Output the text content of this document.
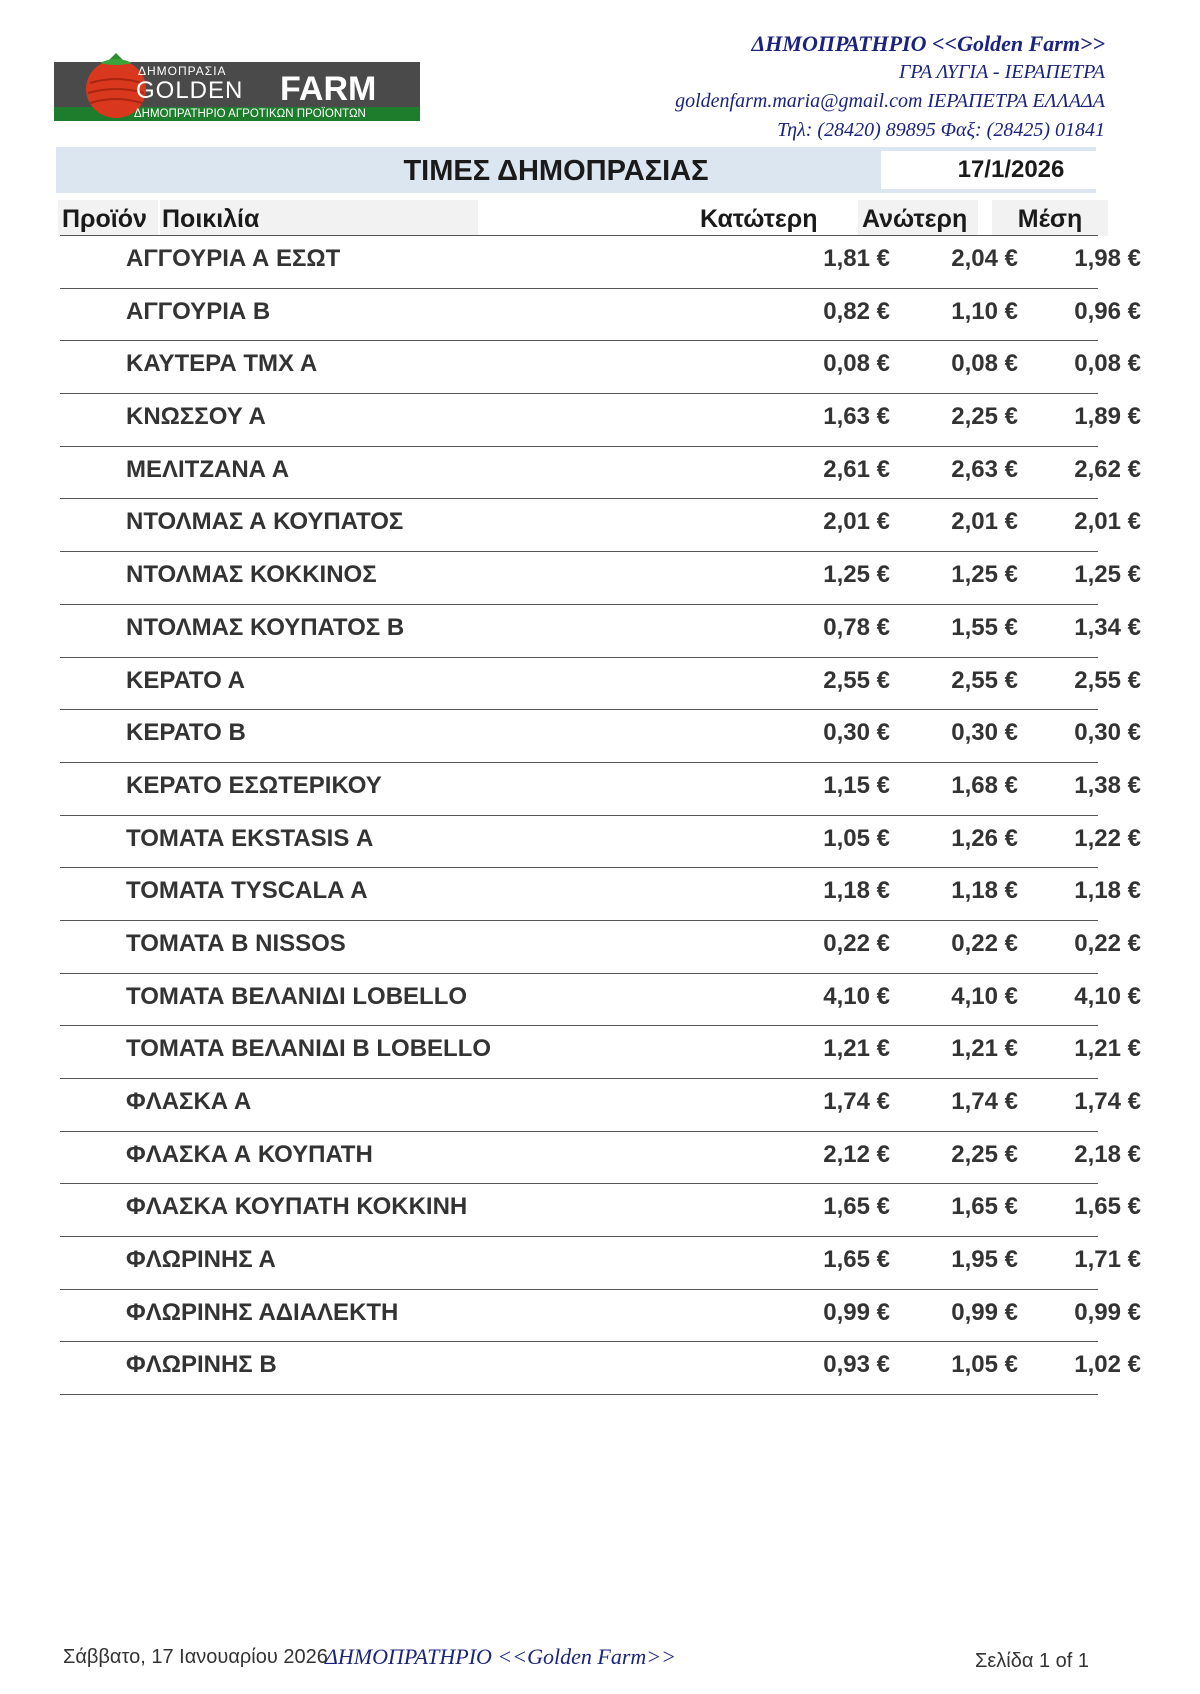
ΔΗΜΟΠΡΑΣΙΑ
GOLDEN FARM
ΔΗΜΟΠΡΑΤΗΡΙΟ ΑΓΡΟΤΙΚΩΝ ΠΡΟΪΟΝΤΩΝ
ΔΗΜΟΠΡΑΤΗΡΙΟ <<Golden Farm>>
ΓΡΑ ΛΥΓΙΑ - ΙΕΡΑΠΕΤΡΑ
goldenfarm.maria@gmail.com ΙΕΡΑΠΕΤΡΑ ΕΛΛΑΔΑ
Τηλ: (28420) 89895 Φαξ: (28425) 01841
ΤΙΜΕΣ ΔΗΜΟΠΡΑΣΙΑΣ	17/1/2026
Προϊόν Ποικιλία	Κατώτερη	Ανώτερη	Μέση
ΑΓΓΟΥΡΙΑ Α ΕΣΩΤ	1,81 €	2,04 €	1,98 €
ΑΓΓΟΥΡΙΑ Β	0,82 €	1,10 €	0,96 €
ΚΑΥΤΕΡΑ ΤΜΧ Α	0,08 €	0,08 €	0,08 €
ΚΝΩΣΣΟΥ Α	1,63 €	2,25 €	1,89 €
ΜΕΛΙΤΖΑΝΑ Α	2,61 €	2,63 €	2,62 €
ΝΤΟΛΜΑΣ Α ΚΟΥΠΑΤΟΣ	2,01 €	2,01 €	2,01 €
ΝΤΟΛΜΑΣ ΚΟΚΚΙΝΟΣ	1,25 €	1,25 €	1,25 €
ΝΤΟΛΜΑΣ ΚΟΥΠΑΤΟΣ Β	0,78 €	1,55 €	1,34 €
ΚΕΡΑΤΟ Α	2,55 €	2,55 €	2,55 €
ΚΕΡΑΤΟ Β	0,30 €	0,30 €	0,30 €
ΚΕΡΑΤΟ ΕΣΩΤΕΡΙΚΟΥ	1,15 €	1,68 €	1,38 €
ΤΟΜΑΤΑ EKSTASIS Α	1,05 €	1,26 €	1,22 €
ΤΟΜΑΤΑ TYSCALA Α	1,18 €	1,18 €	1,18 €
ΤΟΜΑΤΑ Β NISSOS	0,22 €	0,22 €	0,22 €
ΤΟΜΑΤΑ ΒΕΛΑΝΙΔΙ LOBELLO	4,10 €	4,10 €	4,10 €
ΤΟΜΑΤΑ ΒΕΛΑΝΙΔΙ Β LOBELLO	1,21 €	1,21 €	1,21 €
ΦΛΑΣΚΑ Α	1,74 €	1,74 €	1,74 €
ΦΛΑΣΚΑ Α ΚΟΥΠΑΤΗ	2,12 €	2,25 €	2,18 €
ΦΛΑΣΚΑ ΚΟΥΠΑΤΗ ΚΟΚΚΙΝΗ	1,65 €	1,65 €	1,65 €
ΦΛΩΡΙΝΗΣ Α	1,65 €	1,95 €	1,71 €
ΦΛΩΡΙΝΗΣ ΑΔΙΑΛΕΚΤΗ	0,99 €	0,99 €	0,99 €
ΦΛΩΡΙΝΗΣ Β	0,93 €	1,05 €	1,02 €
Σάββατο, 17 Ιανουαρίου 2026
ΔΗΜΟΠΡΑΤΗΡΙΟ <<Golden Farm>>	Σελίδα 1 of 1
